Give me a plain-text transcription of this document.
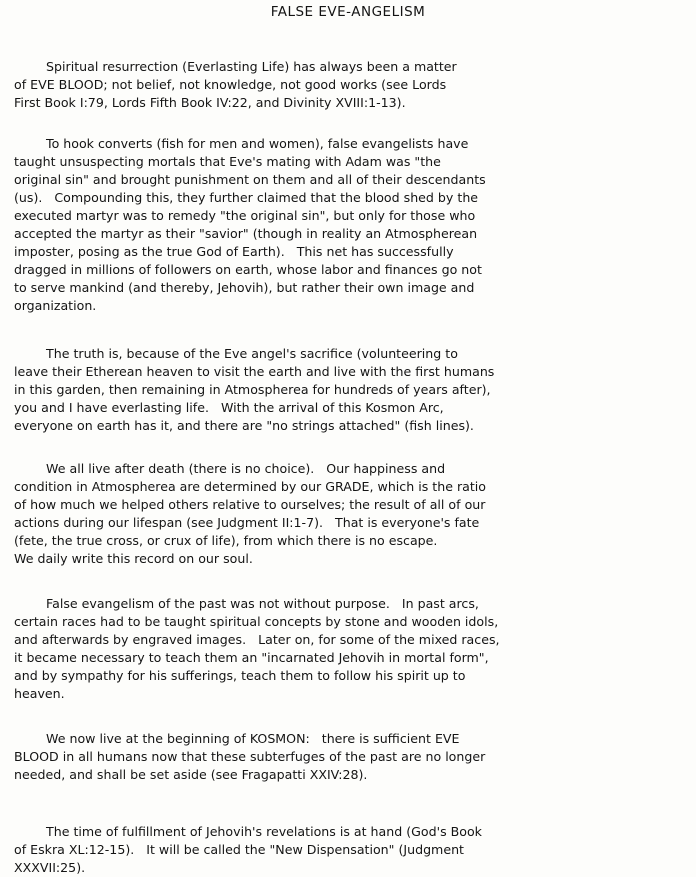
FALSE EVE-ANGELISM
Spiritual resurrection (Everlasting Life) has always been a matter
of EVE BLOOD; not belief, not knowledge, not good works (see Lords
First Book I:79, Lords Fifth Book IV:22, and Divinity XVIII:1-13).
To hook converts (fish for men and women), false evangelists have
taught unsuspecting mortals that Eve's mating with Adam was "the
original sin" and brought punishment on them and all of their descendants
(us).   Compounding this, they further claimed that the blood shed by the
executed martyr was to remedy "the original sin", but only for those who
accepted the martyr as their "savior" (though in reality an Atmospherean
imposter, posing as the true God of Earth).   This net has successfully
dragged in millions of followers on earth, whose labor and finances go not
to serve mankind (and thereby, Jehovih), but rather their own image and
organization.
The truth is, because of the Eve angel's sacrifice (volunteering to
leave their Etherean heaven to visit the earth and live with the first humans
in this garden, then remaining in Atmospherea for hundreds of years after),
you and I have everlasting life.   With the arrival of this Kosmon Arc,
everyone on earth has it, and there are "no strings attached" (fish lines).
We all live after death (there is no choice).   Our happiness and
condition in Atmospherea are determined by our GRADE, which is the ratio
of how much we helped others relative to ourselves; the result of all of our
actions during our lifespan (see Judgment II:1-7).   That is everyone's fate
(fete, the true cross, or crux of life), from which there is no escape.
We daily write this record on our soul.
False evangelism of the past was not without purpose.   In past arcs,
certain races had to be taught spiritual concepts by stone and wooden idols,
and afterwards by engraved images.   Later on, for some of the mixed races,
it became necessary to teach them an "incarnated Jehovih in mortal form",
and by sympathy for his sufferings, teach them to follow his spirit up to
heaven.
We now live at the beginning of KOSMON:   there is sufficient EVE
BLOOD in all humans now that these subterfuges of the past are no longer
needed, and shall be set aside (see Fragapatti XXIV:28).
The time of fulfillment of Jehovih's revelations is at hand (God's Book
of Eskra XL:12-15).   It will be called the "New Dispensation" (Judgment
XXXVII:25).
